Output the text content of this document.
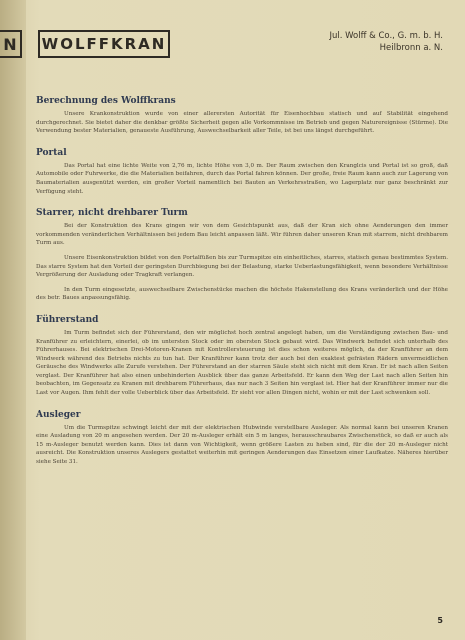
N WOLFFKRAN	Jul. Wolff & Co., G. m. b. H.
Heilbronn a. N.
Berechnung des Wolffkrans

Unsere Krankonstruktion wurde von einer allerersten Autorität für Eisenhochbau statisch und auf Stabilität eingehend durchgerechnet. Sie bietet daher die denkbar größte Sicherheit gegen alle Vorkommnisse im Betrieb und gegen Naturereignisse (Stürme). Die Verwendung bester Materialien, genaueste Ausführung, Auswechselbarkeit aller Teile, ist bei uns längst durchgeführt.

Portal

Das Portal hat eine lichte Weite von 2,76 m, lichte Höhe von 3,0 m. Der Raum zwischen den Kranglcis und Portal ist so groß, daß Automobile oder Fuhrwerke, die die Materialien beifahren, durch das Portal fahren können. Der große, freie Raum kann auch zur Lagerung von Baumaterialien ausgenützt werden, ein großer Vorteil namentlich bei Bauten an Verkehrsstraßen, wo Lagerplatz nur ganz beschränkt zur Verfügung steht.

Starrer, nicht drehbarer Turm

Bei der Konstruktion des Krans gingen wir von dem Gesichtspunkt aus, daß der Kran sich ohne Aenderungen den immer vorkommenden veränderlichen Verhältnissen bei jedem Bau leicht anpassen läßt. Wir führen daher unseren Kran mit starrem, nicht drehbarem Turm aus.

Unsere Eisenkonstruktion bildet von den Portalfüßen bis zur Turmspitze ein einheitliches, starres, statisch genau bestimmtes System. Das starre System hat den Vorteil der geringsten Durchbiegung bei der Belastung, starke Ueberlastungsfähigkeit, wenn besondere Verhältnisse Vergrößerung der Ausladung oder Tragkraft verlangen.

In den Turm eingesetzte, auswechselbare Zwischenstücke machen die höchste Hakenstellung des Krans veränderlich und der Höhe des betr. Baues anpassungsfähig.

Führerstand

Im Turm befindet sich der Führerstand, den wir möglichst hoch zentral angelegt haben, um die Verständigung zwischen Bau- und Kranführer zu erleichtern, einerlei, ob im untersten Stock oder im obersten Stock gebaut wird. Das Windwerk befindet sich unterhalb des Führerhauses. Bei elektrischen Drei-Motoren-Kranen mit Kontrollersteuerung ist dies schon weiteres möglich, da der Kranführer an dem Windwerk während des Betriebs nichts zu tun hat. Der Kranführer kann trotz der auch bei den exaktest gefrästen Rädern unvermeidlichen Geräusche des Windwerks alle Zurufe verstehen. Der Führerstand an der starren Säule steht sich nicht mit dem Kran. Er ist nach allen Seiten verglast. Der Kranführer hat also einen unbehinderten Ausblick über das ganze Arbeitsfeld. Er kann den Weg der Last nach allen Seiten hin beobachten, im Gegensatz zu Kranen mit drehbarem Führerhaus, das nur nach 3 Seiten hin verglast ist. Hier hat der Kranführer immer nur die Last vor Augen. Ihm fehlt der volle Ueberblick über das Arbeitsfeld. Er sieht vor allen Dingen nicht, wohin er mit der Last schwenken soll.

Ausleger

Um die Turmspitze schwingt leicht der mit der elektrischen Hubwinde verstellbare Ausleger. Als normal kann bei unseren Kranen eine Ausladung von 20 m angesehen werden. Der 20 m-Ausleger erhält ein 5 m langes, herausschraubares Zwischenstück, so daß er auch als 15 m-Ausleger benutzt werden kann. Dies ist dann von Wichtigkeit, wenn größere Lasten zu heben sind, für die der 20 m-Ausleger nicht ausreicht. Die Konstruktion unseres Auslegers gestattet weiterhin mit geringen Aenderungen das Einsetzen einer Laufkatze. Näheres hierüber siehe Seite 31.

5
